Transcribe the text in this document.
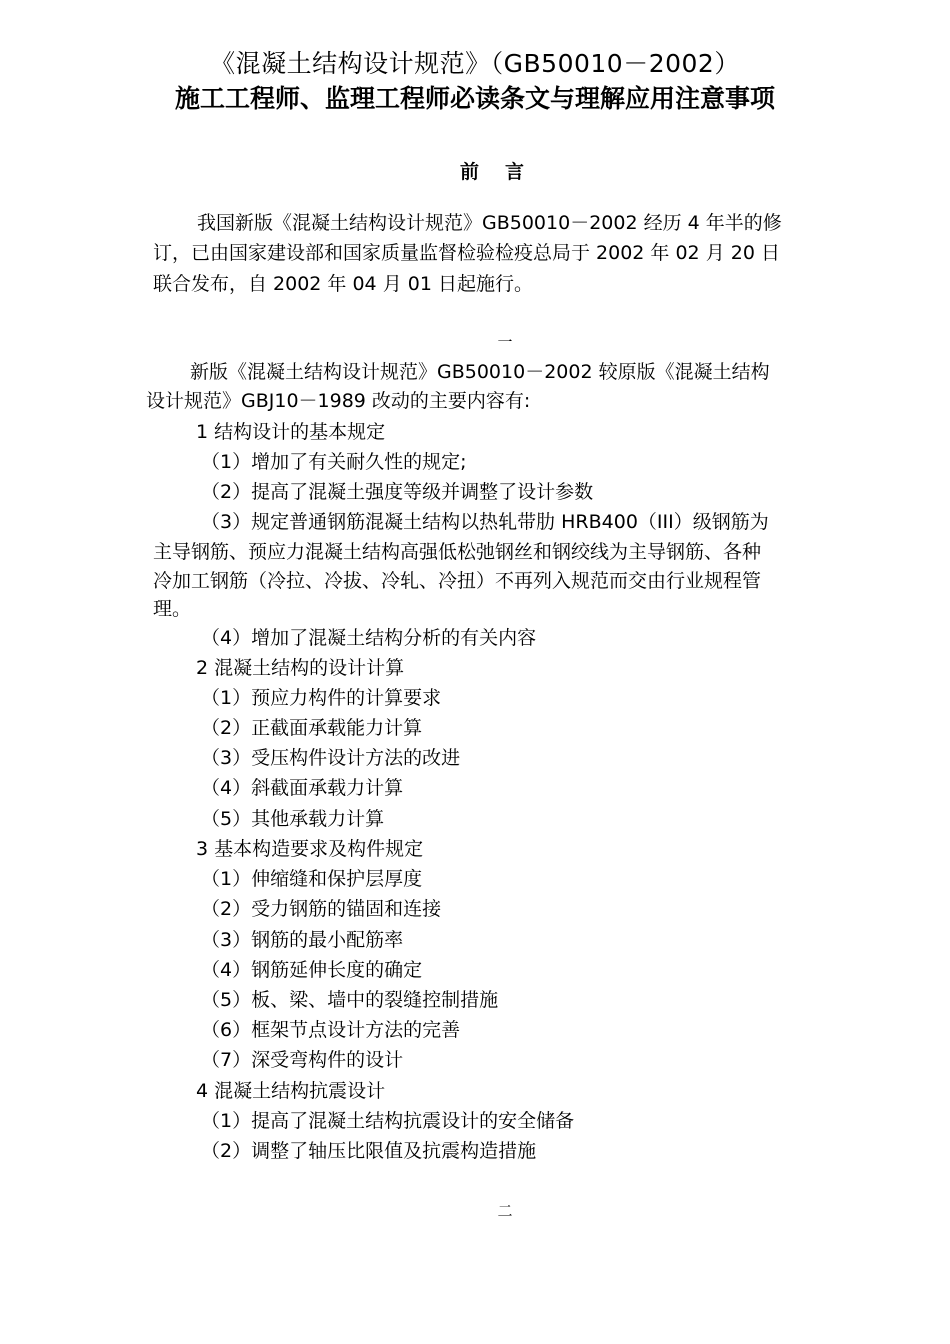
《混凝土结构设计规范》（GB50010－2002）
施工工程师、监理工程师必读条文与理解应用注意事项
前言
我国新版《混凝土结构设计规范》GB50010－2002 经历 4 年半的修
订，已由国家建设部和国家质量监督检验检疫总局于 2002 年 02 月 20 日
联合发布，自 2002 年 04 月 01 日起施行。
一
新版《混凝土结构设计规范》GB50010－2002 较原版《混凝土结构
设计规范》GBJ10－1989 改动的主要内容有:
1 结构设计的基本规定
（1）增加了有关耐久性的规定;
（2）提高了混凝土强度等级并调整了设计参数
（3）规定普通钢筋混凝土结构以热轧带肋 HRB400（III）级钢筋为
主导钢筋、预应力混凝土结构高强低松弛钢丝和钢绞线为主导钢筋、各种
冷加工钢筋（冷拉、冷拔、冷轧、冷扭）不再列入规范而交由行业规程管
理。
（4）增加了混凝土结构分析的有关内容
2 混凝土结构的设计计算
（1）预应力构件的计算要求
（2）正截面承载能力计算
（3）受压构件设计方法的改进
（4）斜截面承载力计算
（5）其他承载力计算
3 基本构造要求及构件规定
（1）伸缩缝和保护层厚度
（2）受力钢筋的锚固和连接
（3）钢筋的最小配筋率
（4）钢筋延伸长度的确定
（5）板、梁、墙中的裂缝控制措施
（6）框架节点设计方法的完善
（7）深受弯构件的设计
4 混凝土结构抗震设计
（1）提高了混凝土结构抗震设计的安全储备
（2）调整了轴压比限值及抗震构造措施
二
